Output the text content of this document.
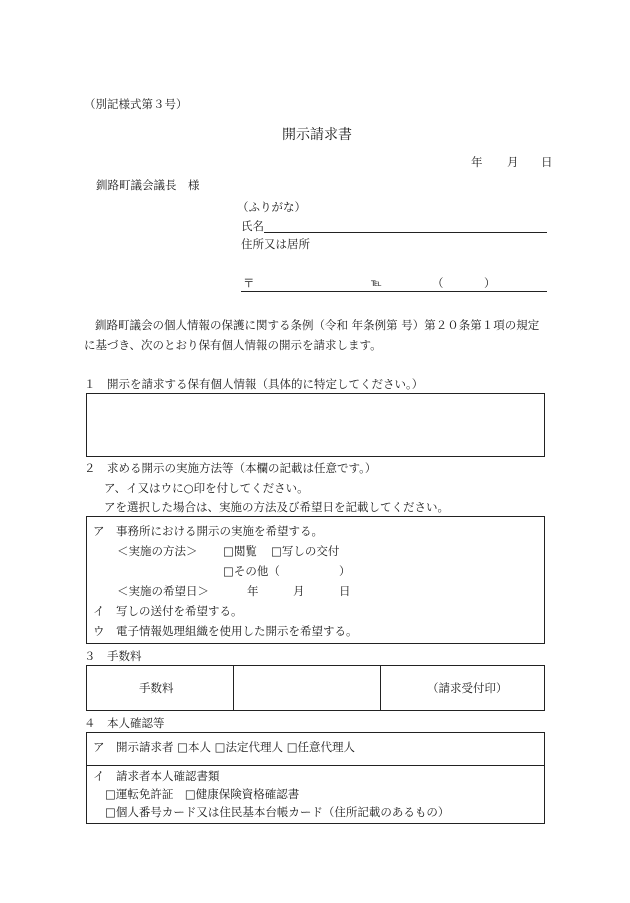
（別記様式第３号）
開示請求書
年 月 日
釧路町議会議長　様
（ふりがな）
氏名
住所又は居所
〒	℡	（	）
釧路町議会の個人情報の保護に関する条例（令和 年条例第 号）第２０条第１項の規定
に基づき、次のとおり保有個人情報の開示を請求します。
１　開示を請求する保有個人情報（具体的に特定してください。）
２　求める開示の実施方法等（本欄の記載は任意です。）
ア、イ又はウに○印を付してください。
アを選択した場合は、実施の方法及び希望日を記載してください。
ア　事務所における開示の実施を希望する。
＜実施の方法＞ □閲覧 □写しの交付
□その他（	）
＜実施の希望日＞	年	月	日
イ　写しの送付を希望する。
ウ　電子情報処理組織を使用した開示を希望する。
３　手数料
手数料	（請求受付印）
４　本人確認等
ア　開示請求者 □本人 □法定代理人 □任意代理人
イ　請求者本人確認書類
□運転免許証　□健康保険資格確認書
□個人番号カード又は住民基本台帳カード（住所記載のあるもの）
